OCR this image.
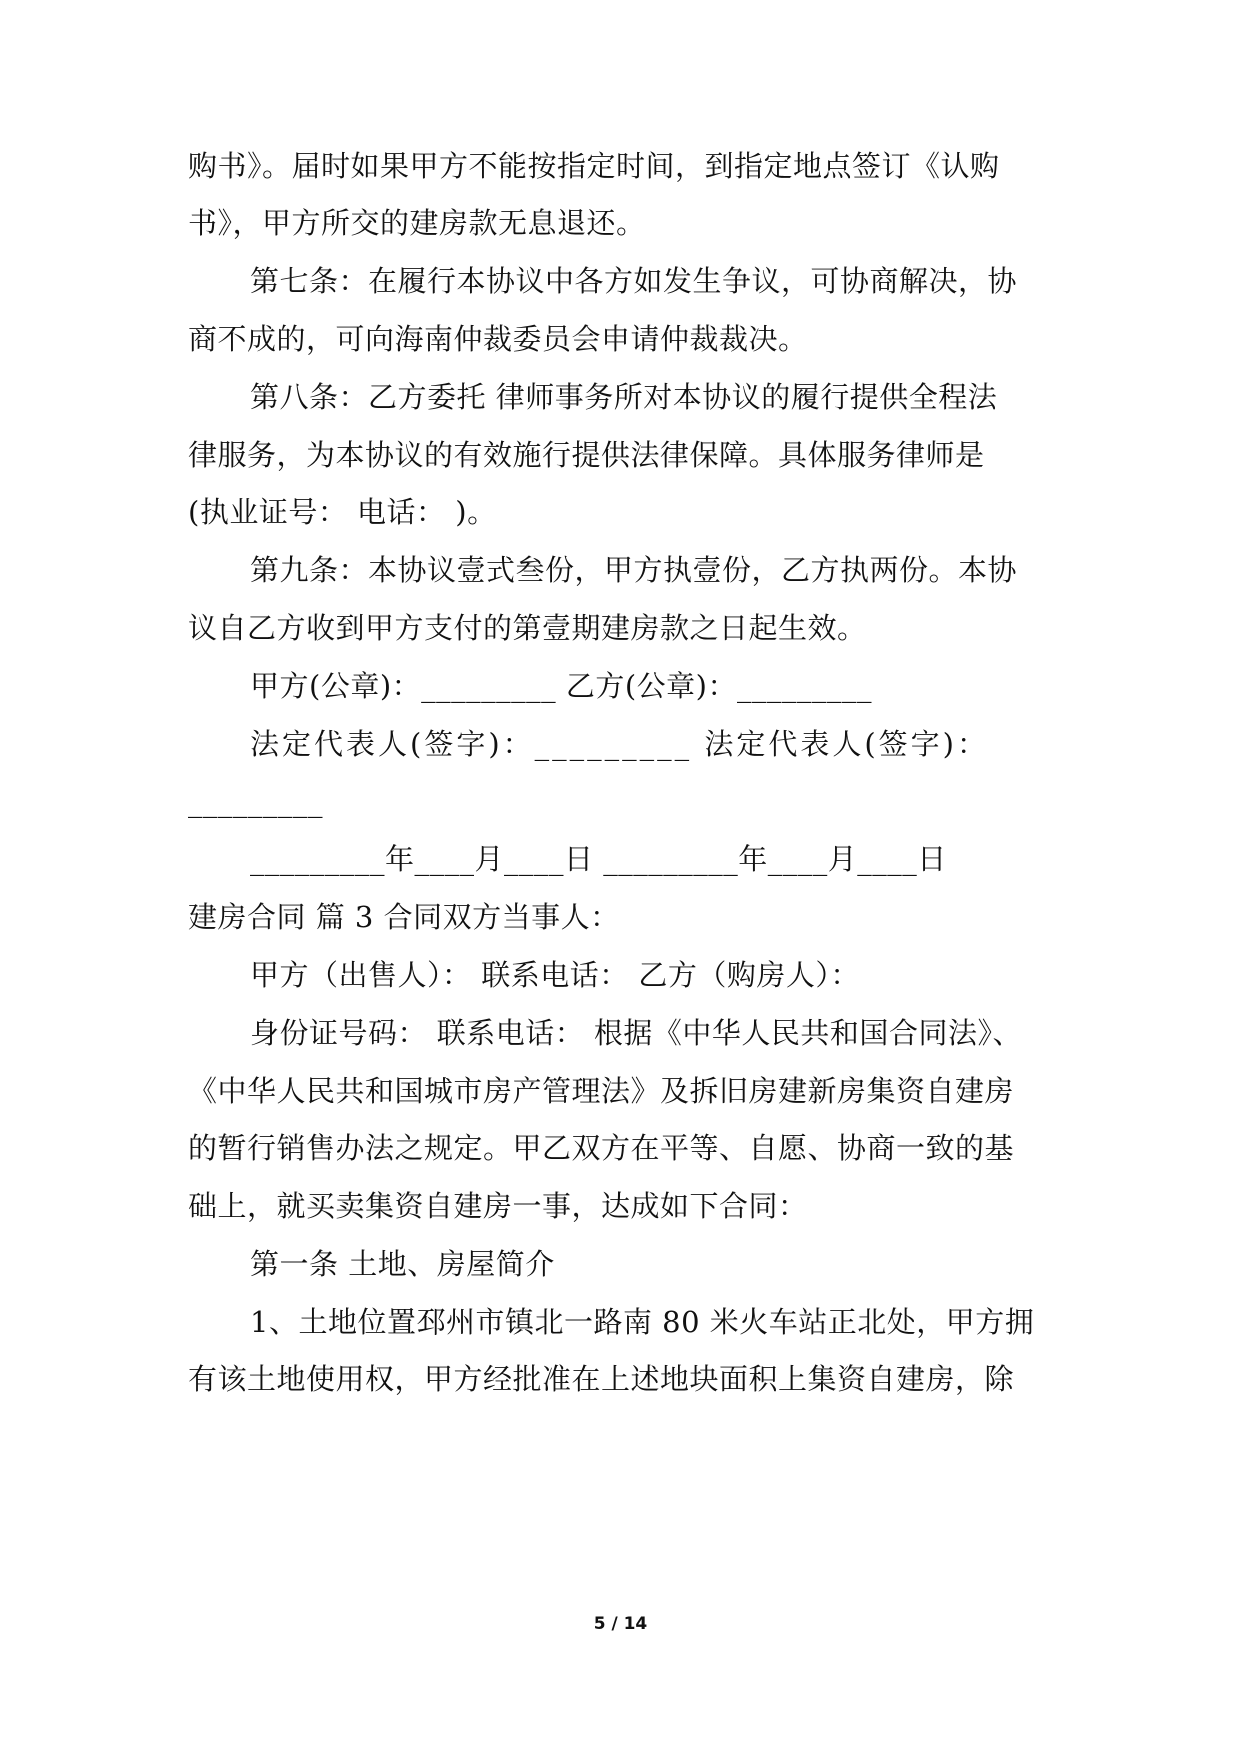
购书》。届时如果甲方不能按指定时间，到指定地点签订《认购
书》，甲方所交的建房款无息退还。
第七条：在履行本协议中各方如发生争议，可协商解决，协
商不成的，可向海南仲裁委员会申请仲裁裁决。
第八条：乙方委托 律师事务所对本协议的履行提供全程法
律服务，为本协议的有效施行提供法律保障。具体服务律师是
(执业证号： 电话： )。
第九条：本协议壹式叁份，甲方执壹份，乙方执两份。本协
议自乙方收到甲方支付的第壹期建房款之日起生效。
甲方(公章)：_________ 乙方(公章)：_________
法定代表人(签字)：_________ 法定代表人(签字)：
_________
_________年____月____日 _________年____月____日
建房合同 篇 3 合同双方当事人：
甲方（出售人）： 联系电话： 乙方（购房人）：
身份证号码： 联系电话： 根据《中华人民共和国合同法》、
《中华人民共和国城市房产管理法》及拆旧房建新房集资自建房
的暂行销售办法之规定。甲乙双方在平等、自愿、协商一致的基
础上，就买卖集资自建房一事，达成如下合同：
第一条 土地、房屋简介
1、土地位置邳州市镇北一路南 80 米火车站正北处，甲方拥
有该土地使用权，甲方经批准在上述地块面积上集资自建房，除
5 / 14
